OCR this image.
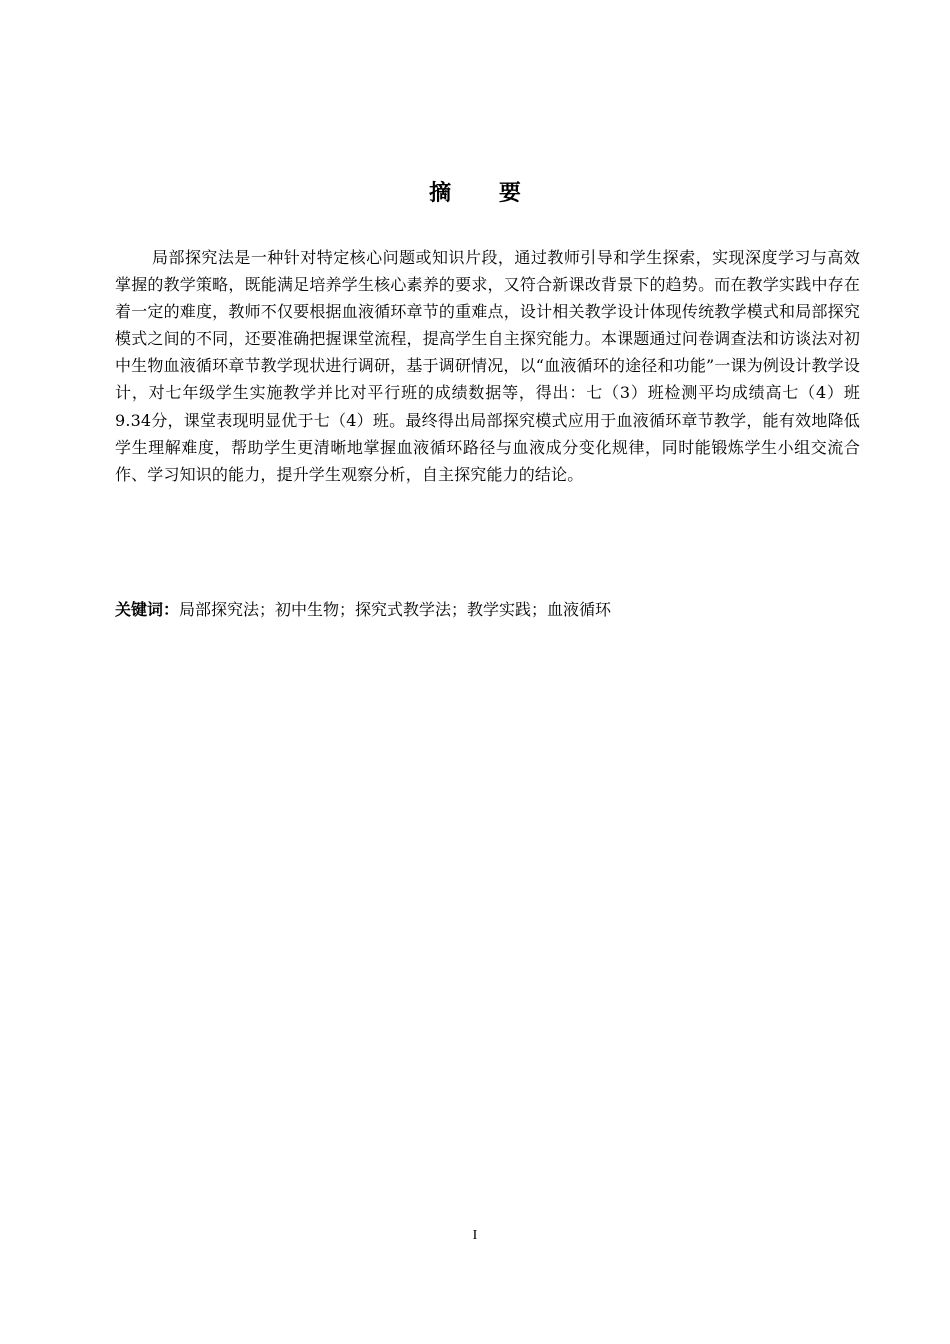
摘 要

局部探究法是一种针对特定核心问题或知识片段，通过教师引导和学生探索，实现深度学习与高效掌握的教学策略，既能满足培养学生核心素养的要求，又符合新课改背景下的趋势。而在教学实践中存在着一定的难度，教师不仅要根据血液循环章节的重难点，设计相关教学设计体现传统教学模式和局部探究模式之间的不同，还要准确把握课堂流程，提高学生自主探究能力。本课题通过问卷调查法和访谈法对初中生物血液循环章节教学现状进行调研，基于调研情况，以“血液循环的途径和功能”一课为例设计教学设计，对七年级学生实施教学并比对平行班的成绩数据等，得出：七（3）班检测平均成绩高七（4）班9.34分，课堂表现明显优于七（4）班。最终得出局部探究模式应用于血液循环章节教学，能有效地降低学生理解难度，帮助学生更清晰地掌握血液循环路径与血液成分变化规律，同时能锻炼学生小组交流合作、学习知识的能力，提升学生观察分析，自主探究能力的结论。

关键词：局部探究法；初中生物；探究式教学法；教学实践；血液循环

I
